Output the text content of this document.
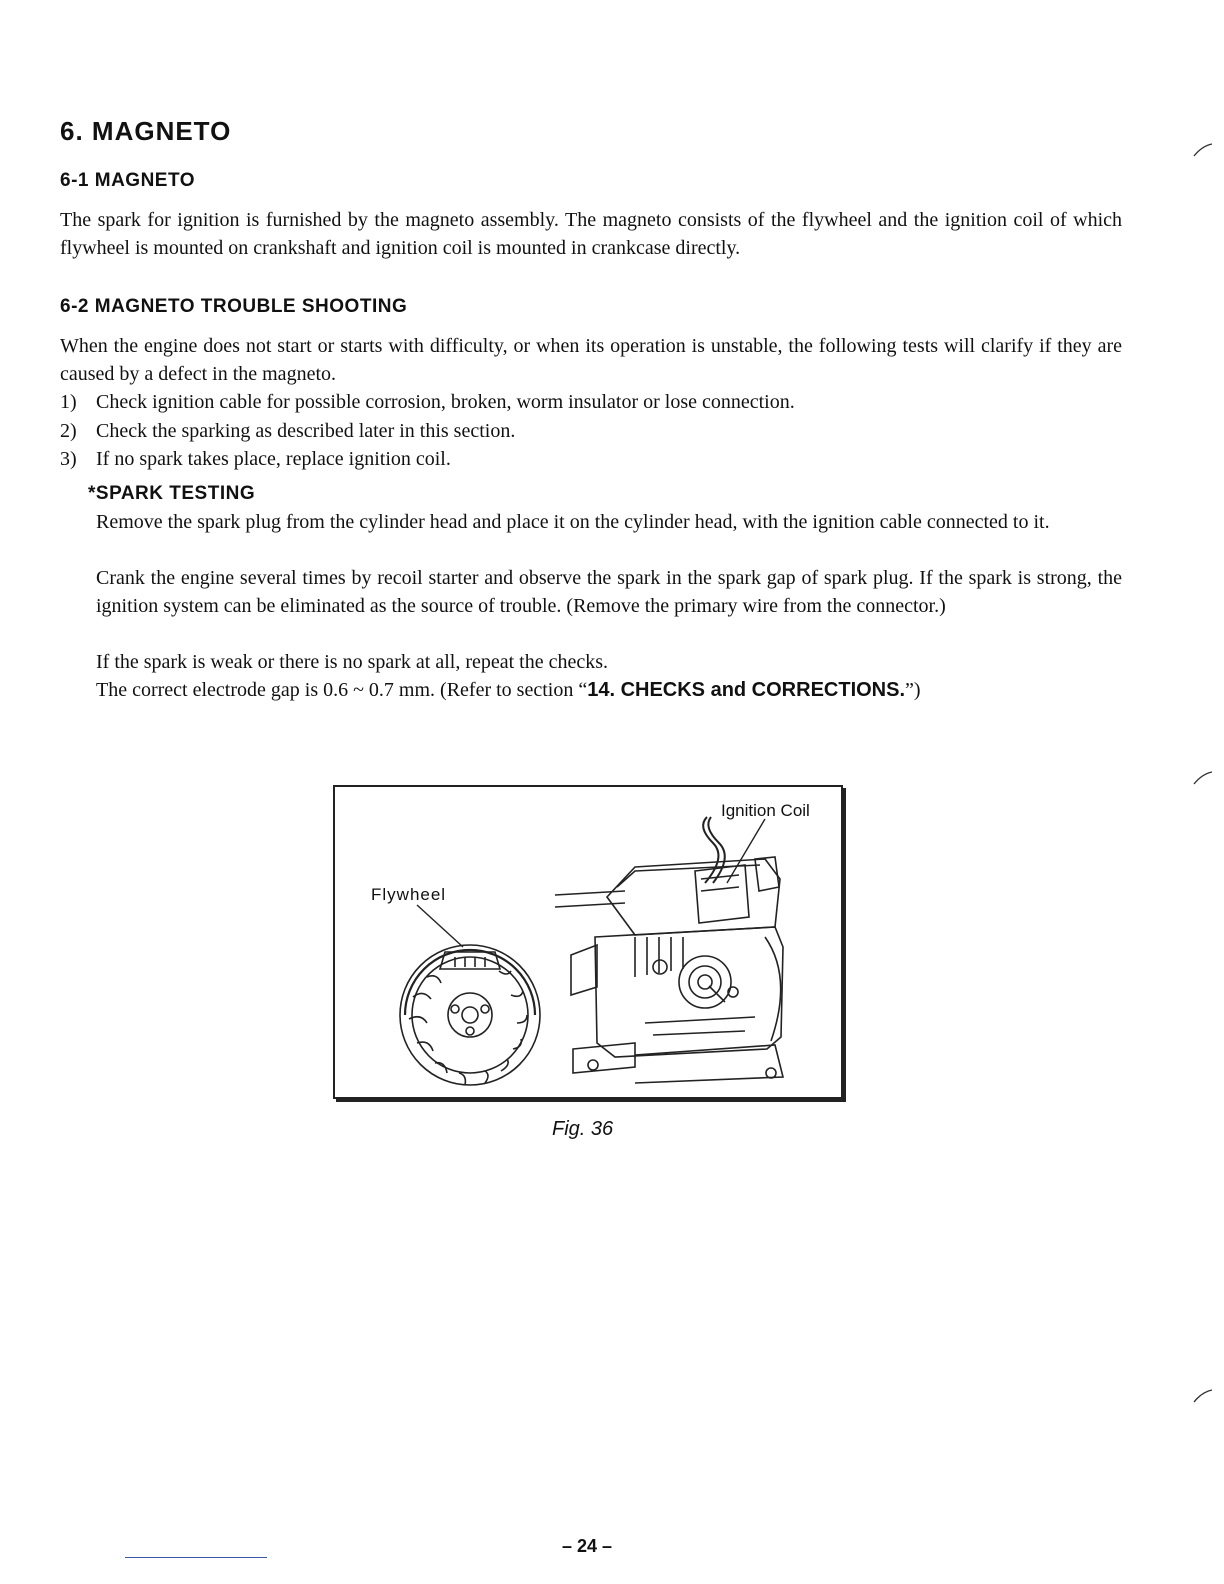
6. MAGNETO
6-1 MAGNETO

The spark for ignition is furnished by the magneto assembly. The magneto consists of the flywheel and the ignition coil of which flywheel is mounted on crankshaft and ignition coil is mounted in crankcase directly.

6-2 MAGNETO TROUBLE SHOOTING

When the engine does not start or starts with difficulty, or when its operation is unstable, the following tests will clarify if they are caused by a defect in the magneto.

1) Check ignition cable for possible corrosion, broken, worm insulator or lose connection.
2) Check the sparking as described later in this section.
3) If no spark takes place, replace ignition coil.
*SPARK TESTING

Remove the spark plug from the cylinder head and place it on the cylinder head, with the ignition cable connected to it.

Crank the engine several times by recoil starter and observe the spark in the spark gap of spark plug. If the spark is strong, the ignition system can be eliminated as the source of trouble. (Remove the primary wire from the connector.)

If the spark is weak or there is no spark at all, repeat the checks.

The correct electrode gap is 0.6 ~ 0.7 mm. (Refer to section “14. CHECKS and CORRECTIONS.”)

Ignition Coil
Flywheel
Fig. 36
– 24 –
